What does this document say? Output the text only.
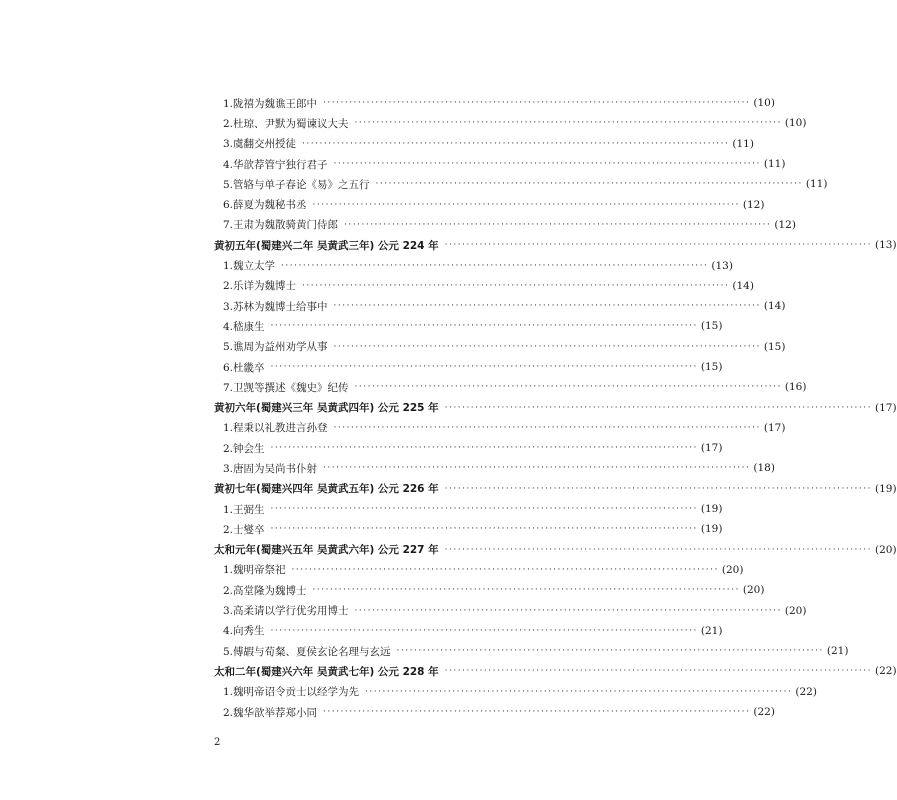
1.陇禧为魏谯王郎中 ·································································································· (10)
2.杜琼、尹默为蜀谏议大夫 ·································································································· (10)
3.虞翻交州授徒 ·································································································· (11)
4.华歆荐管宁独行君子 ·································································································· (11)
5.管辂与单子春论《易》之五行 ·································································································· (11)
6.薛夏为魏秘书丞 ·································································································· (12)
7.王肃为魏散骑黄门侍郎 ·································································································· (12)
黄初五年(蜀建兴二年 吴黄武三年) 公元 224 年 ·································································································· (13)
1.魏立太学 ·································································································· (13)
2.乐详为魏博士 ·································································································· (14)
3.苏林为魏博士给事中 ·································································································· (14)
4.嵇康生 ·································································································· (15)
5.谯周为益州劝学从事 ·································································································· (15)
6.杜畿卒 ·································································································· (15)
7.卫觊等撰述《魏史》纪传 ·································································································· (16)
黄初六年(蜀建兴三年 吴黄武四年) 公元 225 年 ·································································································· (17)
1.程秉以礼教进言孙登 ·································································································· (17)
2.钟会生 ·································································································· (17)
3.唐固为吴尚书仆射 ·································································································· (18)
黄初七年(蜀建兴四年 吴黄武五年) 公元 226 年 ·································································································· (19)
1.王弼生 ·································································································· (19)
2.士燮卒 ·································································································· (19)
太和元年(蜀建兴五年 吴黄武六年) 公元 227 年 ·································································································· (20)
1.魏明帝祭祀 ·································································································· (20)
2.高堂隆为魏博士 ·································································································· (20)
3.高柔请以学行优劣用博士 ·································································································· (20)
4.向秀生 ·································································································· (21)
5.傅嘏与荀粲、夏侯玄论名理与玄远 ·································································································· (21)
太和二年(蜀建兴六年 吴黄武七年) 公元 228 年 ·································································································· (22)
1.魏明帝诏令贡士以经学为先 ·································································································· (22)
2.魏华歆举荐郑小同 ·································································································· (22)
2
